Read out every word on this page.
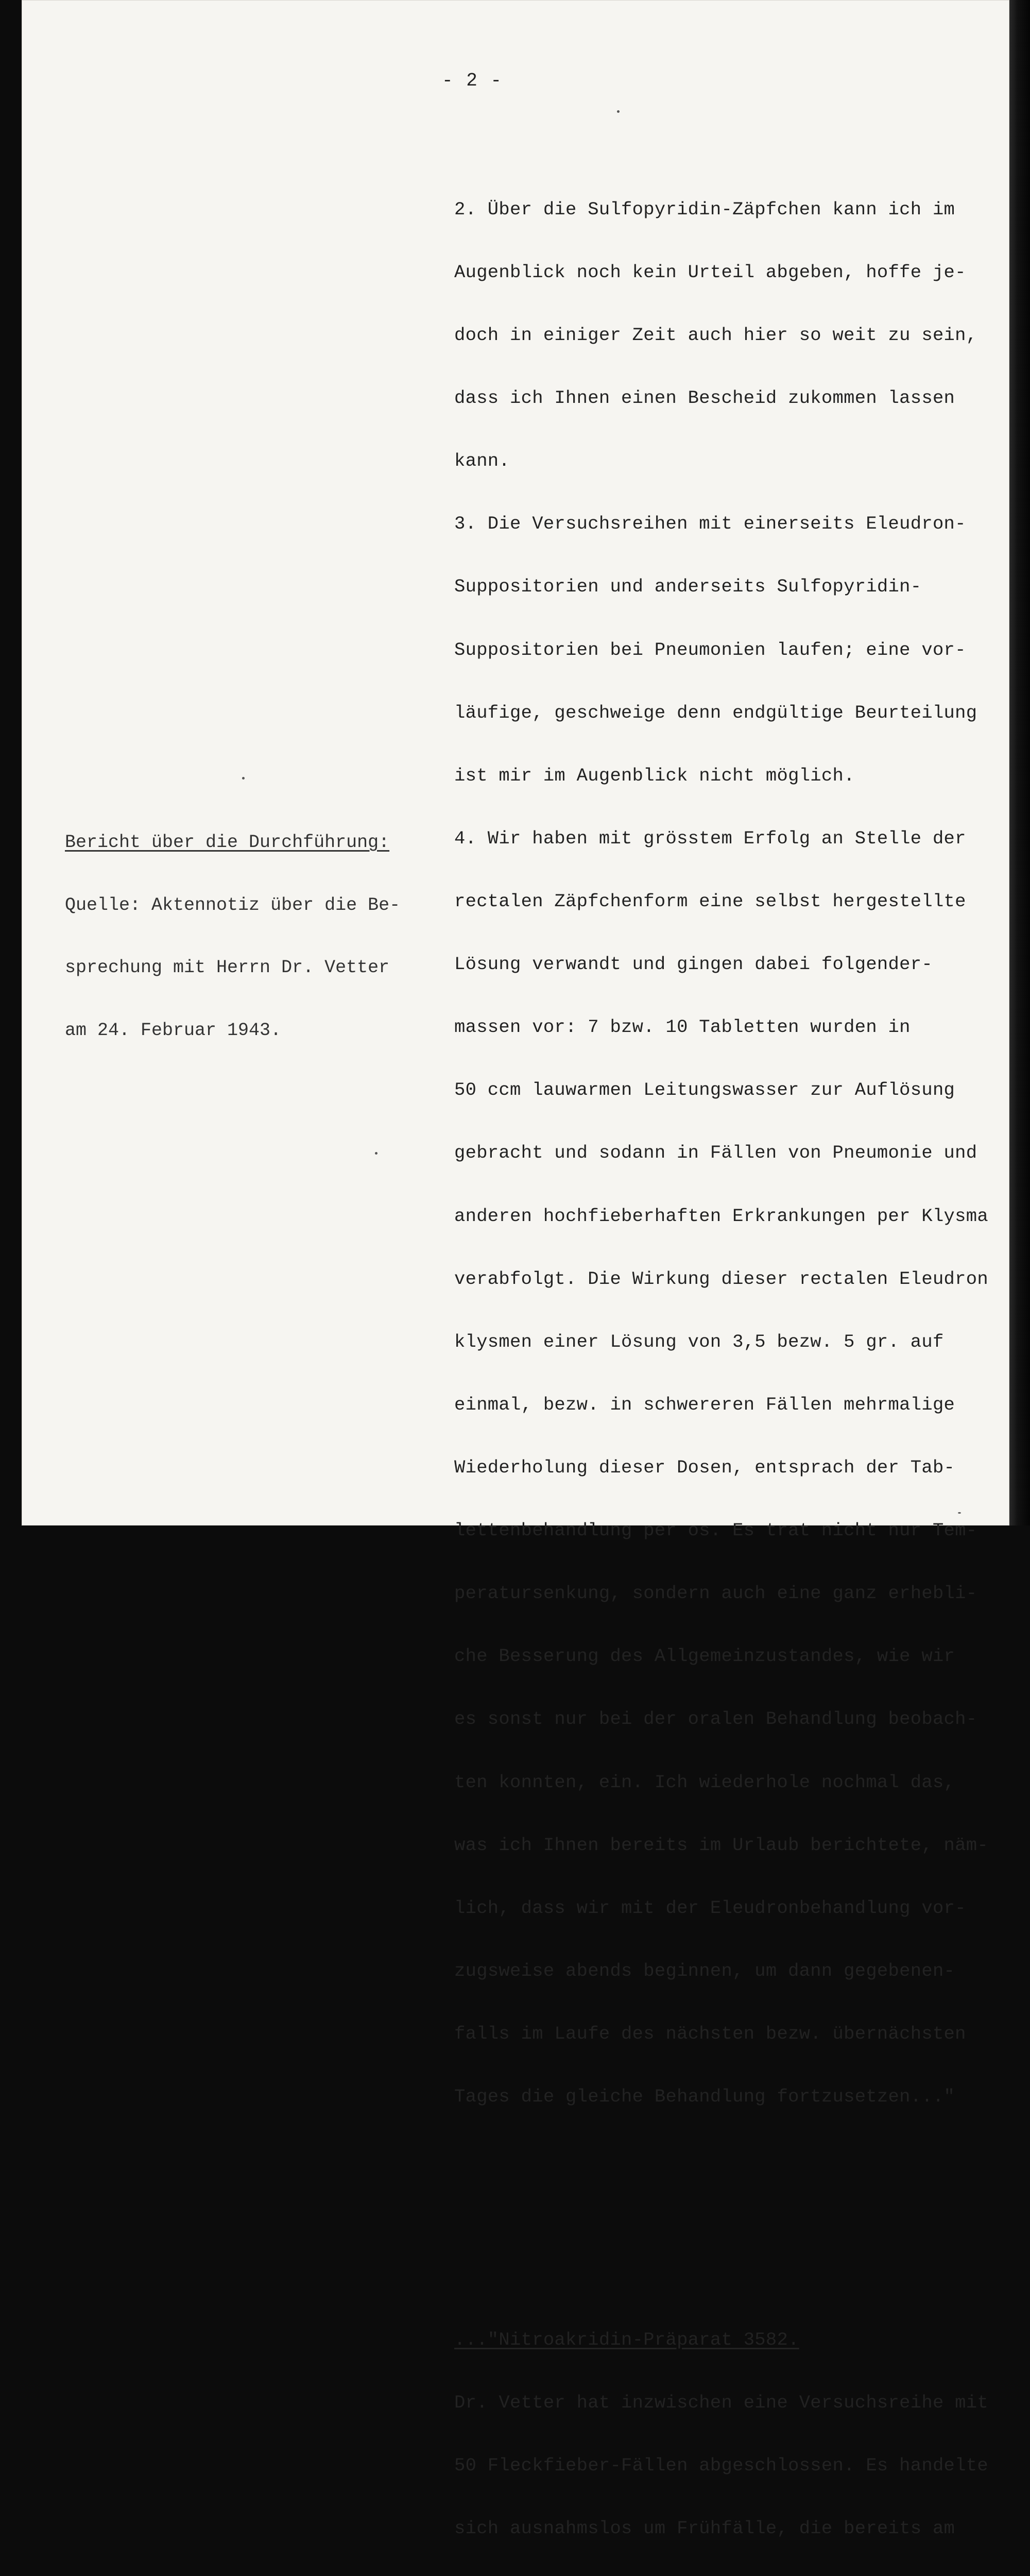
- 2 -

Bericht über die Durchführung:

Quelle: Aktennotiz über die Be-

sprechung mit Herrn Dr. Vetter

am 24. Februar 1943.

2. Über die Sulfopyridin-Zäpfchen kann ich im

Augenblick noch kein Urteil abgeben, hoffe je-

doch in einiger Zeit auch hier so weit zu sein,

dass ich Ihnen einen Bescheid zukommen lassen

kann.

3. Die Versuchsreihen mit einerseits Eleudron-

Suppositorien und anderseits Sulfopyridin-

Suppositorien bei Pneumonien laufen; eine vor-

läufige, geschweige denn endgültige Beurteilung

ist mir im Augenblick nicht möglich.

4. Wir haben mit grösstem Erfolg an Stelle der

rectalen Zäpfchenform eine selbst hergestellte

Lösung verwandt und gingen dabei folgender-

massen vor: 7 bzw. 10 Tabletten wurden in

50 ccm lauwarmen Leitungswasser zur Auflösung

gebracht und sodann in Fällen von Pneumonie und

anderen hochfieberhaften Erkrankungen per Klysma

verabfolgt. Die Wirkung dieser rectalen Eleudron

klysmen einer Lösung von 3,5 bezw. 5 gr. auf

einmal, bezw. in schwereren Fällen mehrmalige

Wiederholung dieser Dosen, entsprach der Tab-

lettenbehandlung per os. Es trat nicht nur Tem-

peratursenkung, sondern auch eine ganz erhebli-

che Besserung des Allgemeinzustandes, wie wir

es sonst nur bei der oralen Behandlung beobach-

ten konnten, ein. Ich wiederhole nochmal das,

was ich Ihnen bereits im Urlaub berichtete, näm-

lich, dass wir mit der Eleudronbehandlung vor-

zugsweise abends beginnen, um dann gegebenen-

falls im Laufe des nächsten bezw. übernächsten

Tages die gleiche Behandlung fortzusetzen..."

..."Nitroakridin-Präparat 3582.

Dr. Vetter hat inzwischen eine Versuchsreihe mit

50 Fleckfieber-Fällen abgeschlossen. Es handelte

sich ausnahmslos um Frühfälle, die bereits am
